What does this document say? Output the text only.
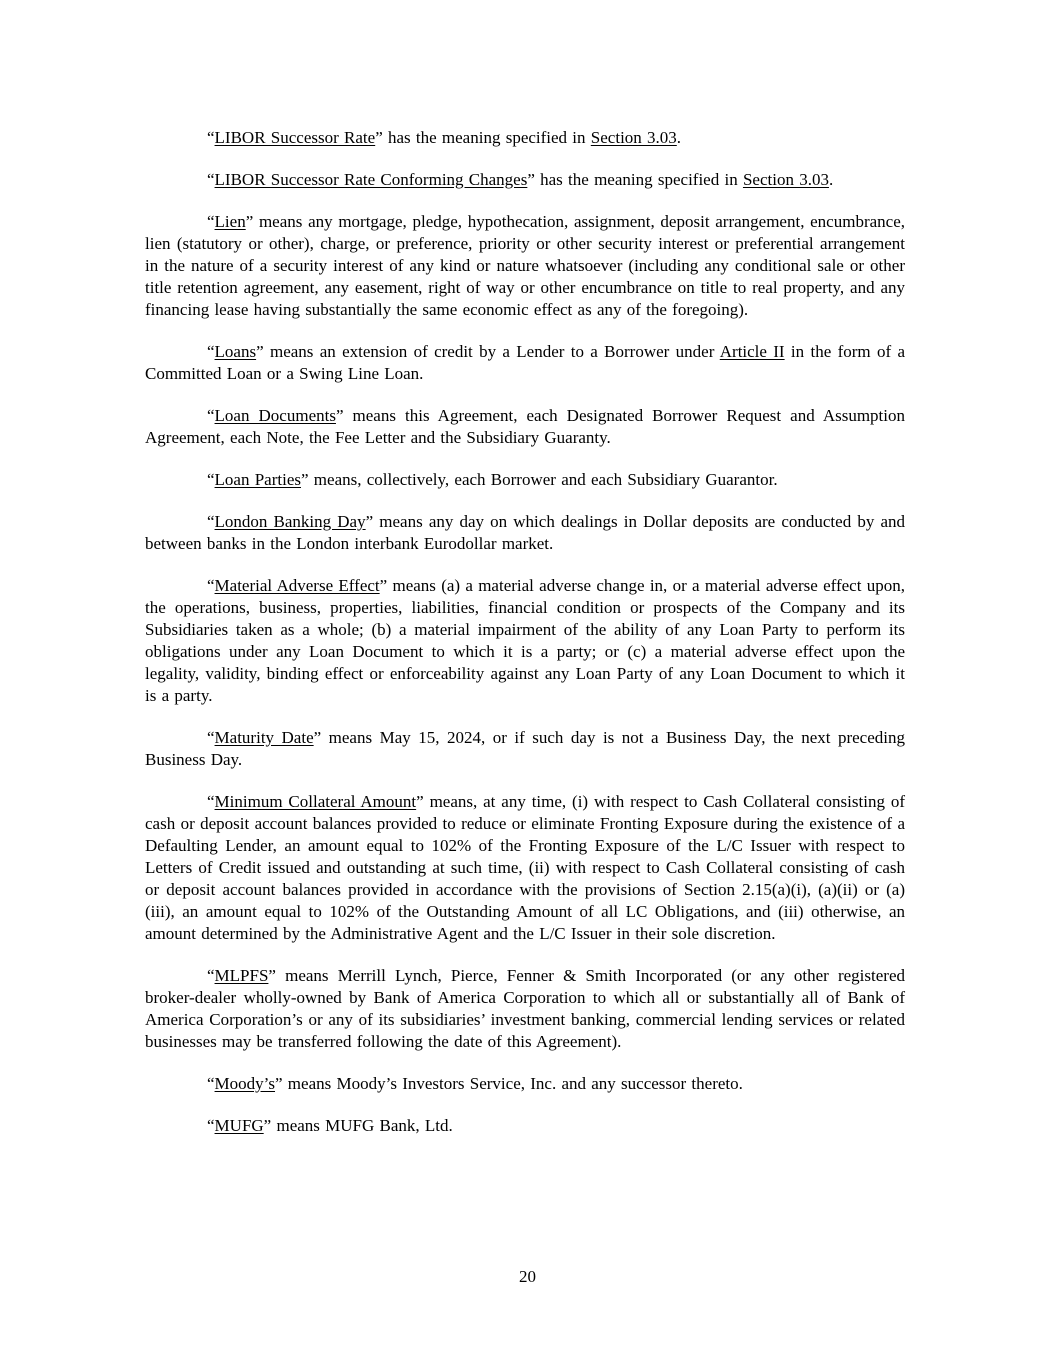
“LIBOR Successor Rate” has the meaning specified in Section 3.03.

“LIBOR Successor Rate Conforming Changes” has the meaning specified in Section 3.03.

“Lien” means any mortgage, pledge, hypothecation, assignment, deposit arrangement, encumbrance, lien (statutory or other), charge, or preference, priority or other security interest or preferential arrangement in the nature of a security interest of any kind or nature whatsoever (including any conditional sale or other title retention agreement, any easement, right of way or other encumbrance on title to real property, and any financing lease having substantially the same economic effect as any of the foregoing).

“Loans” means an extension of credit by a Lender to a Borrower under Article II in the form of a Committed Loan or a Swing Line Loan.

“Loan Documents” means this Agreement, each Designated Borrower Request and Assumption Agreement, each Note, the Fee Letter and the Subsidiary Guaranty.

“Loan Parties” means, collectively, each Borrower and each Subsidiary Guarantor.

“London Banking Day” means any day on which dealings in Dollar deposits are conducted by and between banks in the London interbank Eurodollar market.

“Material Adverse Effect” means (a) a material adverse change in, or a material adverse effect upon, the operations, business, properties, liabilities, financial condition or prospects of the Company and its Subsidiaries taken as a whole; (b) a material impairment of the ability of any Loan Party to perform its obligations under any Loan Document to which it is a party; or (c) a material adverse effect upon the legality, validity, binding effect or enforceability against any Loan Party of any Loan Document to which it is a party.

“Maturity Date” means May 15, 2024, or if such day is not a Business Day, the next preceding Business Day.

“Minimum Collateral Amount” means, at any time, (i) with respect to Cash Collateral consisting of cash or deposit account balances provided to reduce or eliminate Fronting Exposure during the existence of a Defaulting Lender, an amount equal to 102% of the Fronting Exposure of the L/C Issuer with respect to Letters of Credit issued and outstanding at such time, (ii) with respect to Cash Collateral consisting of cash or deposit account balances provided in accordance with the provisions of Section 2.15(a)(i), (a)(ii) or (a)(iii), an amount equal to 102% of the Outstanding Amount of all LC Obligations, and (iii) otherwise, an amount determined by the Administrative Agent and the L/C Issuer in their sole discretion.

“MLPFS” means Merrill Lynch, Pierce, Fenner & Smith Incorporated (or any other registered broker-dealer wholly-owned by Bank of America Corporation to which all or substantially all of Bank of America Corporation’s or any of its subsidiaries’ investment banking, commercial lending services or related businesses may be transferred following the date of this Agreement).

“Moody’s” means Moody’s Investors Service, Inc. and any successor thereto.

“MUFG” means MUFG Bank, Ltd.

20
